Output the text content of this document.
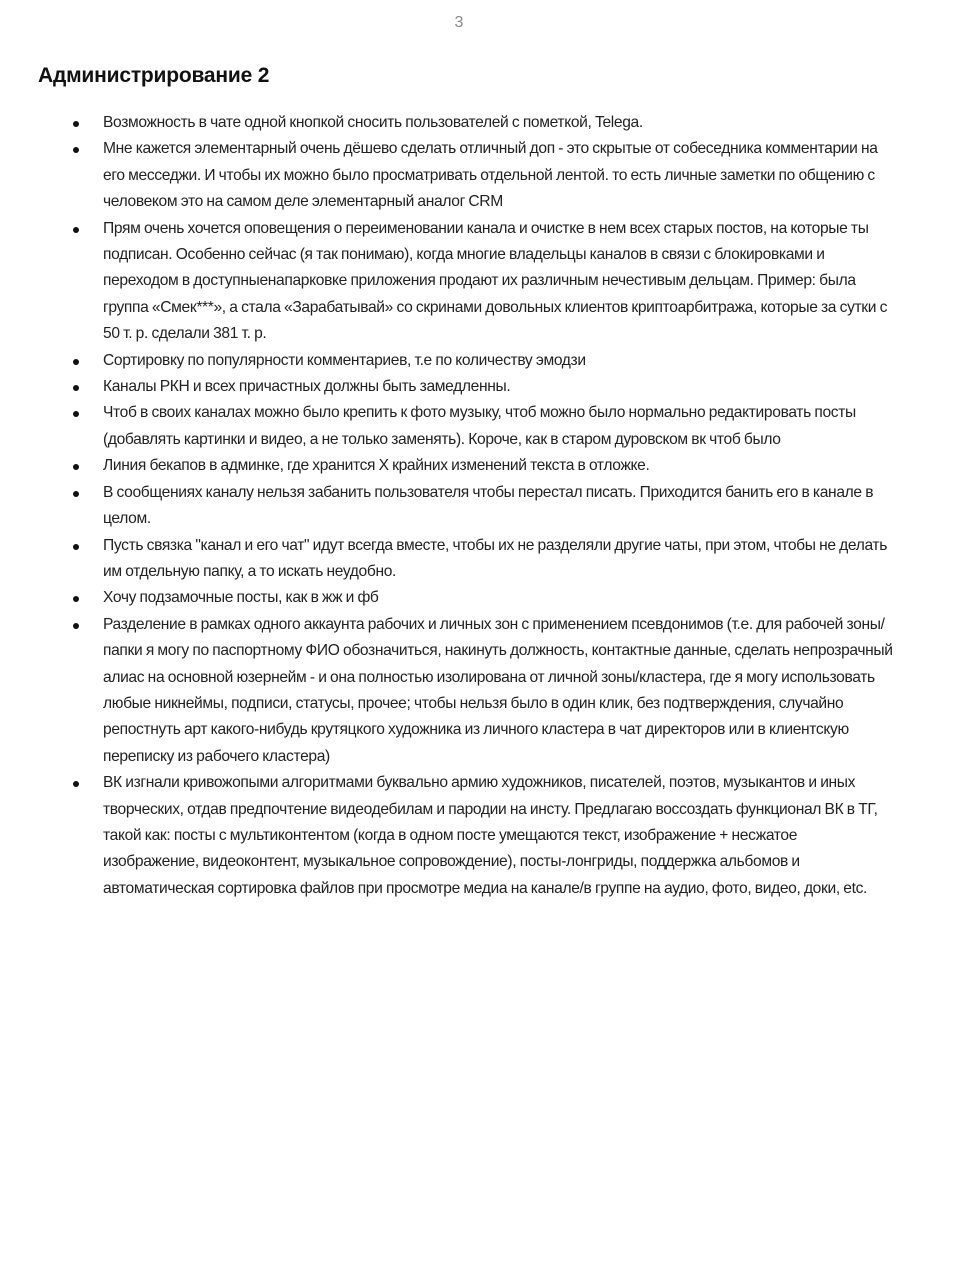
3
Администрирование 2
Возможность в чате одной кнопкой сносить пользователей с пометкой, Telega.
Мне кажется элементарный очень дёшево сделать отличный доп - это скрытые от собеседника комментарии на его месседжи. И чтобы их можно было просматривать отдельной лентой. то есть личные заметки по общению с человеком это на самом деле элементарный аналог CRM
Прям очень хочется оповещения о переименовании канала и очистке в нем всех старых постов, на которые ты подписан. Особенно сейчас (я так понимаю), когда многие владельцы каналов в связи с блокировками и переходом в доступныенапарковке приложения продают их различным нечестивым дельцам. Пример: была группа «Смек***», а стала «Зарабатывай» со скринами довольных клиентов криптоарбитража, которые за сутки с 50 т. р. сделали 381 т. р.
Сортировку по популярности комментариев, т.е по количеству эмодзи
Каналы РКН и всех причастных должны быть замедленны.
Чтоб в своих каналах можно было крепить к фото музыку, чтоб можно было нормально редактировать посты (добавлять картинки и видео, а не только заменять). Короче, как в старом дуровском вк чтоб было
Линия бекапов в админке, где хранится Х крайних изменений текста в отложке.
В сообщениях каналу нельзя забанить пользователя чтобы перестал писать. Приходится банить его в канале в целом.
Пусть связка "канал и его чат" идут всегда вместе, чтобы их не разделяли другие чаты, при этом, чтобы не делать им отдельную папку, а то искать неудобно.
Хочу подзамочные посты, как в жж и фб
Разделение в рамках одного аккаунта рабочих и личных зон с применением псевдонимов (т.е. для рабочей зоны/папки я могу по паспортному ФИО обозначиться, накинуть должность, контактные данные, сделать непрозрачный алиас на основной юзернейм - и она полностью изолирована от личной зоны/кластера, где я могу использовать любые никнеймы, подписи, статусы, прочее; чтобы нельзя было в один клик, без подтверждения, случайно репостнуть арт какого-нибудь крутяцкого художника из личного кластера в чат директоров или в клиентскую переписку из рабочего кластера)
ВК изгнали кривожопыми алгоритмами буквально армию художников, писателей, поэтов, музыкантов и иных творческих, отдав предпочтение видеодебилам и пародии на инсту. Предлагаю воссоздать функционал ВК в ТГ, такой как: посты с мультиконтентом (когда в одном посте умещаются текст, изображение + несжатое изображение, видеоконтент, музыкальное сопровождение), посты-лонгриды, поддержка альбомов и автоматическая сортировка файлов при просмотре медиа на канале/в группе на аудио, фото, видео, доки, etc.
